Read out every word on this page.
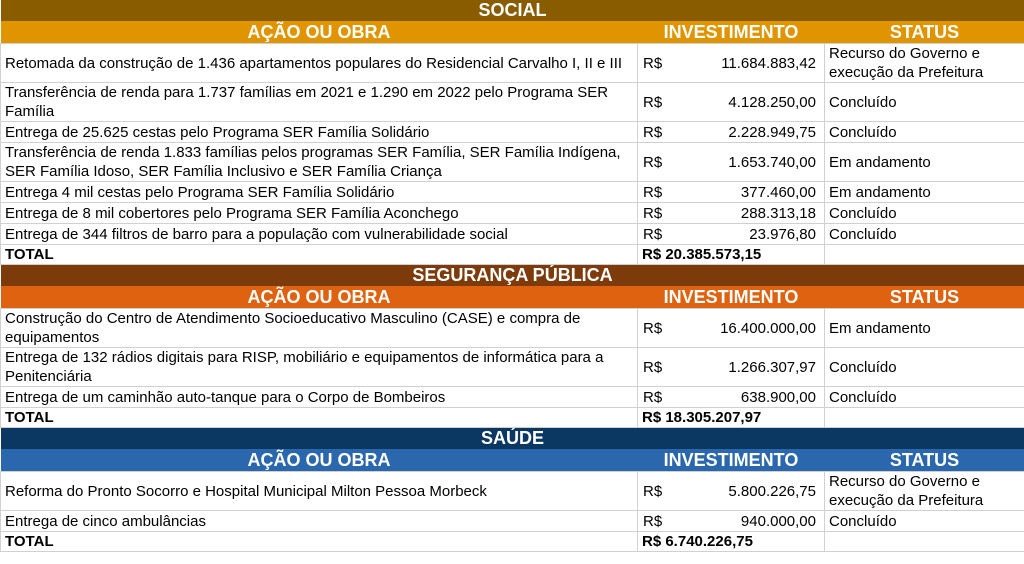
SOCIAL		
AÇÃO OU OBRA	INVESTIMENTO	STATUS
Retomada da construção de 1.436 apartamentos populares do Residencial Carvalho I, II e III	R$ 11.684.883,42	Recurso do Governo e execução da Prefeitura
Transferência de renda para 1.737 famílias em 2021 e 1.290 em 2022 pelo Programa SER Família	R$ 4.128.250,00	Concluído
Entrega de 25.625 cestas pelo Programa SER Família Solidário	R$ 2.228.949,75	Concluído
Transferência de renda 1.833 famílias pelos programas SER Família, SER Família Indígena, SER Família Idoso, SER Família Inclusivo e SER Família Criança	R$ 1.653.740,00	Em andamento
Entrega 4 mil cestas pelo Programa SER Família Solidário	R$ 377.460,00	Em andamento
Entrega de 8 mil cobertores pelo Programa SER Família Aconchego	R$ 288.313,18	Concluído
Entrega de 344 filtros de barro para a população com vulnerabilidade social	R$ 23.976,80	Concluído
TOTAL	R$ 20.385.573,15	
SEGURANÇA PÚBLICA		
AÇÃO OU OBRA	INVESTIMENTO	STATUS
Construção do Centro de Atendimento Socioeducativo Masculino (CASE) e compra de equipamentos	R$ 16.400.000,00	Em andamento
Entrega de 132 rádios digitais para RISP, mobiliário e equipamentos de informática para a Penitenciária	R$ 1.266.307,97	Concluído
Entrega de um caminhão auto-tanque para o Corpo de Bombeiros	R$ 638.900,00	Concluído
TOTAL	R$ 18.305.207,97	
SAÚDE		
AÇÃO OU OBRA	INVESTIMENTO	STATUS
Reforma do Pronto Socorro e Hospital Municipal Milton Pessoa Morbeck	R$ 5.800.226,75	Recurso do Governo e execução da Prefeitura
Entrega de cinco ambulâncias	R$ 940.000,00	Concluído
TOTAL	R$ 6.740.226,75	
